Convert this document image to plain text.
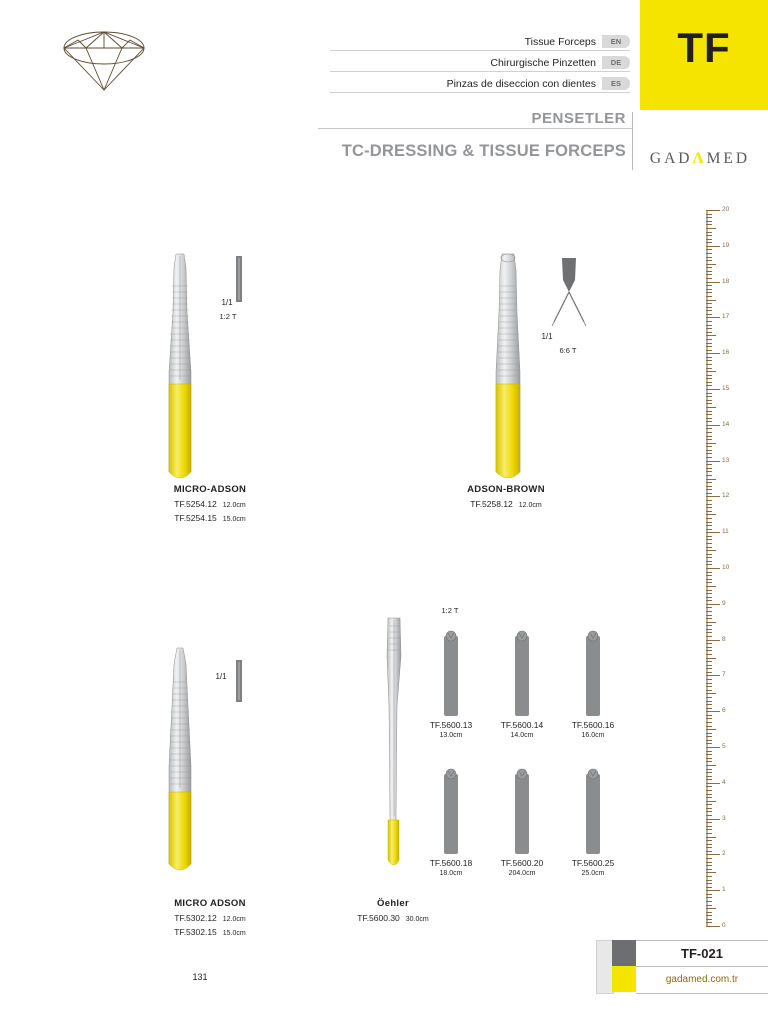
TF
Tissue Forceps	EN
Chirurgische Pinzetten	DE
Pinzas de diseccion con dientes	ES
PENSETLER
TC-DRESSING & TISSUE FORCEPS	GADΛMED
0
1
2
3
4
5
6
7
8
9
10
11
12
13
14
15
16
17
18
19
20
1/1
1:2 T
MICRO-ADSON
TF.5254.12 12.0cm
TF.5254.15 15.0cm
1/1
6:6 T
ADSON-BROWN
TF.5258.12 12.0cm
1/1
MICRO ADSON
TF.5302.12 12.0cm
TF.5302.15 15.0cm
1:2 T
TF.5600.13
13.0cm
TF.5600.14
14.0cm
TF.5600.16
16.0cm
TF.5600.18
18.0cm
TF.5600.20
204.0cm
TF.5600.25
25.0cm
Öehler
TF.5600.30 30.0cm
131
TF-021
gadamed.com.tr
